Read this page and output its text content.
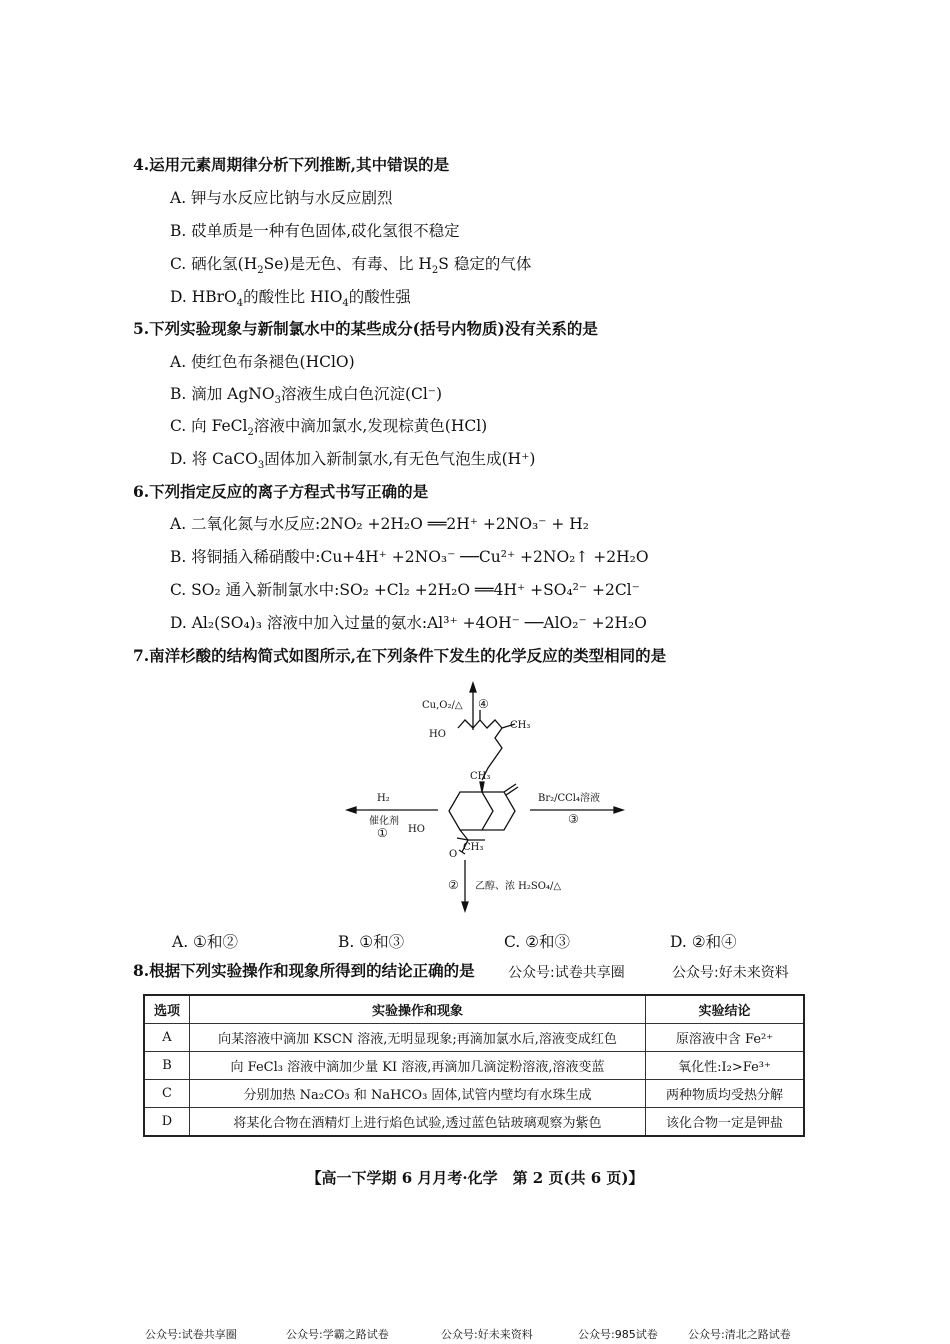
4.运用元素周期律分析下列推断,其中错误的是
A. 钾与水反应比钠与水反应剧烈
B. 砹单质是一种有色固体,砹化氢很不稳定
C. 硒化氢$(H_2Se)$是无色、有毒、比 $H_2S$ 稳定的气体
D. HBrO$_4$的酸性比 $HIO_4$的酸性强
5.下列实验现象与新制氯水中的某些成分(括号内物质)没有关系的是
A. 使红色布条褪色(HClO)
B. 滴加 AgNO$_3$溶液生成白色沉淀(Cl⁻)
C. 向 FeCl$_2$溶液中滴加氯水,发现棕黄色(HCl)
D. 将 CaCO$_3$固体加入新制氯水,有无色气泡生成(H⁺)
6.下列指定反应的离子方程式书写正确的是
A. 二氧化氮与水反应:2NO₂ +2H₂O ══2H⁺ +2NO₃⁻ + H₂
B. 将铜插入稀硝酸中:Cu+4H⁺ +2NO₃⁻ ──Cu²⁺ +2NO₂↑ +2H₂O
C. SO₂ 通入新制氯水中:SO₂ +Cl₂ +2H₂O ══4H⁺ +SO₄²⁻ +2Cl⁻
D. Al₂(SO₄)₃ 溶液中加入过量的氨水:Al³⁺ +4OH⁻ ──AlO₂⁻ +2H₂O
7.南洋杉酸的结构简式如图所示,在下列条件下发生的化学反应的类型相同的是
Cu,O₂/△ ④
HO
CH₃
CH₃
H₂
催化剂
①
Br₂/CCl₄溶液
③
HO
CH₃
O
② 乙醇、浓 H₂SO₄/△
A. ①和②	B. ①和③	C. ②和③	D. ②和④
8.根据下列实验操作和现象所得到的结论正确的是 公众号:试卷共享圈	公众号:好未来资料
选项	实验操作和现象	实验结论
A	向某溶液中滴加 KSCN 溶液,无明显现象;再滴加氯水后,溶液变成红色	原溶液中含 Fe²⁺
B	向 FeCl₃ 溶液中滴加少量 KI 溶液,再滴加几滴淀粉溶液,溶液变蓝	氧化性:I₂>Fe³⁺
C	分别加热 Na₂CO₃ 和 NaHCO₃ 固体,试管内壁均有水珠生成	两种物质均受热分解
D	将某化合物在酒精灯上进行焰色试验,透过蓝色钴玻璃观察为紫色	该化合物一定是钾盐
【高一下学期 6 月月考·化学　第 2 页(共 6 页)】
公众号:试卷共享圈	公众号:学霸之路试卷	公众号:好未来资料	公众号:985试卷	公众号:清北之路试卷
